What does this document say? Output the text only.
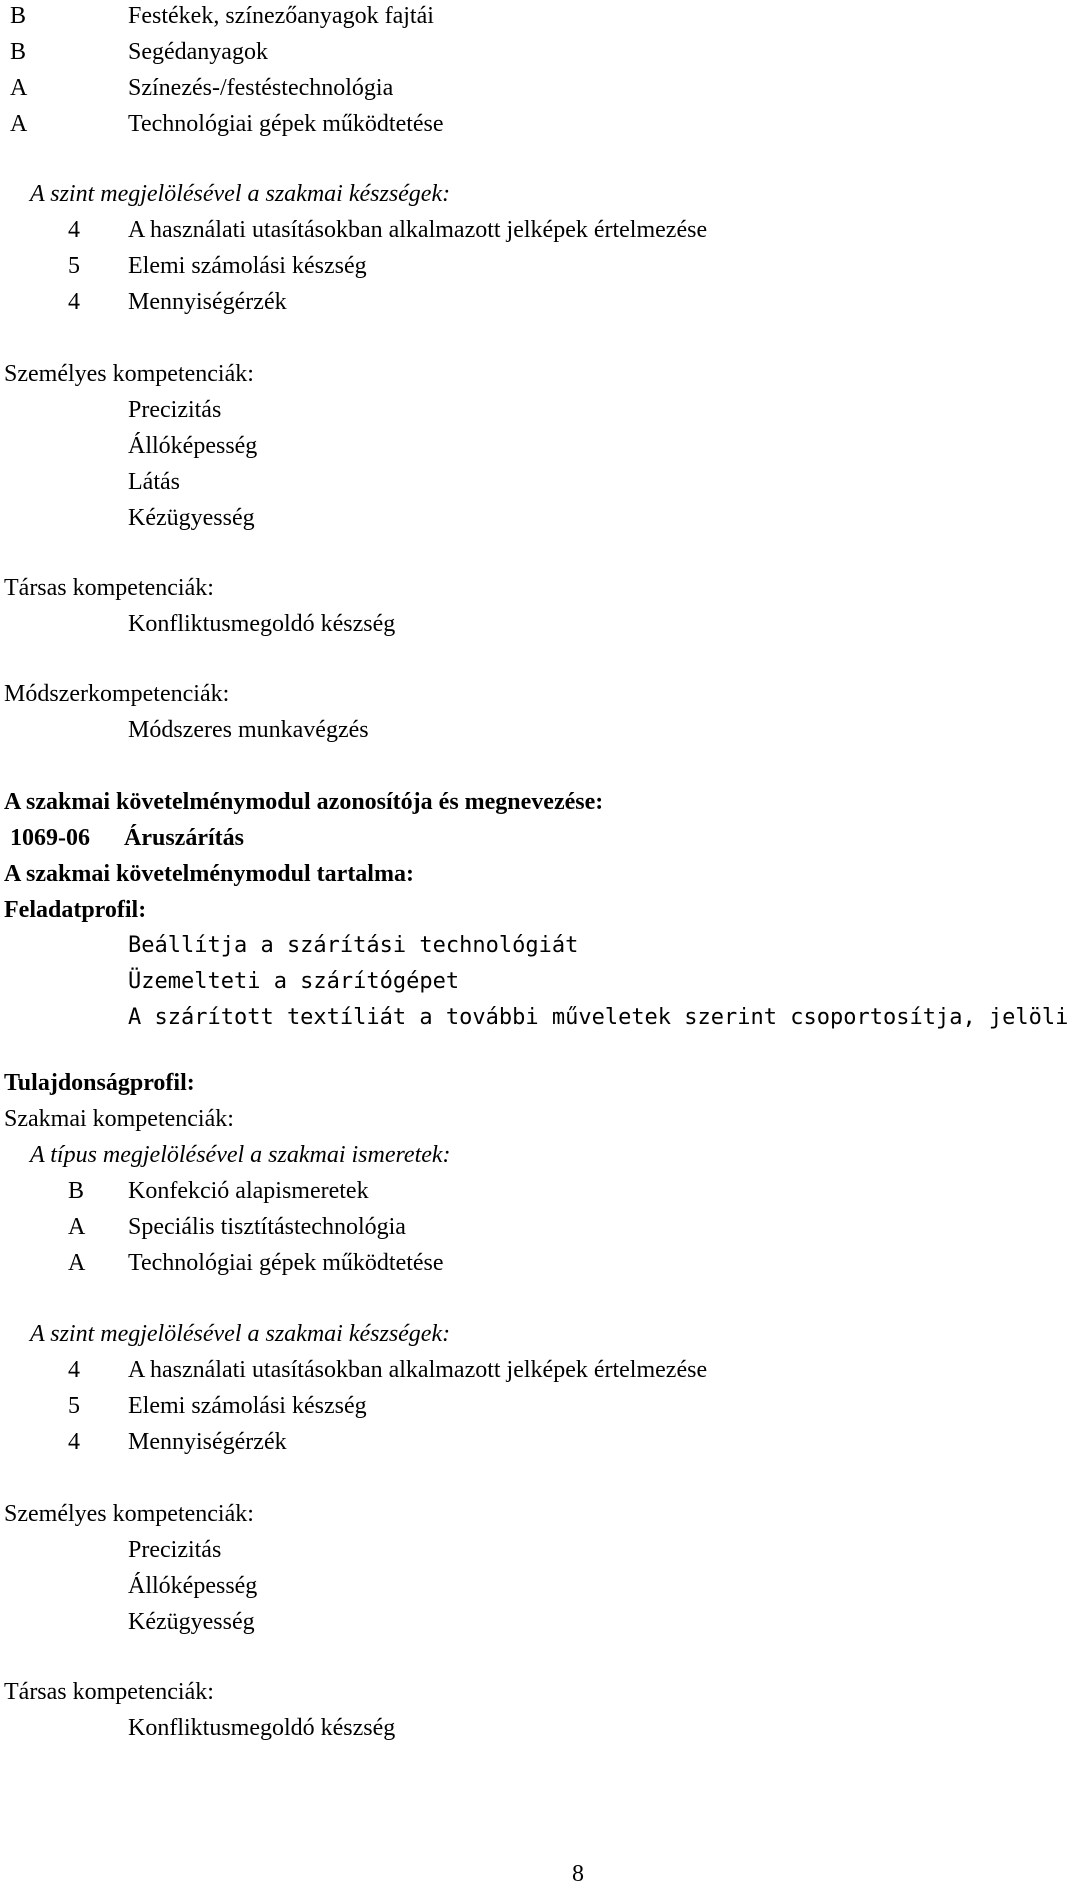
B	Festékek, színezőanyagok fajtái
B	Segédanyagok
A	Színezés-/festéstechnológia
A	Technológiai gépek működtetése
A szint megjelölésével a szakmai készségek:
4 A használati utasításokban alkalmazott jelképek értelmezése
5 Elemi számolási készség
4 Mennyiségérzék
Személyes kompetenciák:
Precizitás
Állóképesség
Látás
Kézügyesség
Társas kompetenciák:
Konfliktusmegoldó készség
Módszerkompetenciák:
Módszeres munkavégzés
A szakmai követelménymodul azonosítója és megnevezése:
1069-06 Áruszárítás
A szakmai követelménymodul tartalma:
Feladatprofil:
Beállítja a szárítási technológiát
Üzemelteti a szárítógépet
A szárított textíliát a további műveletek szerint csoportosítja, jelöli
Tulajdonságprofil:
Szakmai kompetenciák:
A típus megjelölésével a szakmai ismeretek:
B Konfekció alapismeretek
A Speciális tisztítástechnológia
A Technológiai gépek működtetése
A szint megjelölésével a szakmai készségek:
4 A használati utasításokban alkalmazott jelképek értelmezése
5 Elemi számolási készség
4 Mennyiségérzék
Személyes kompetenciák:
Precizitás
Állóképesség
Kézügyesség
Társas kompetenciák:
Konfliktusmegoldó készség
8
